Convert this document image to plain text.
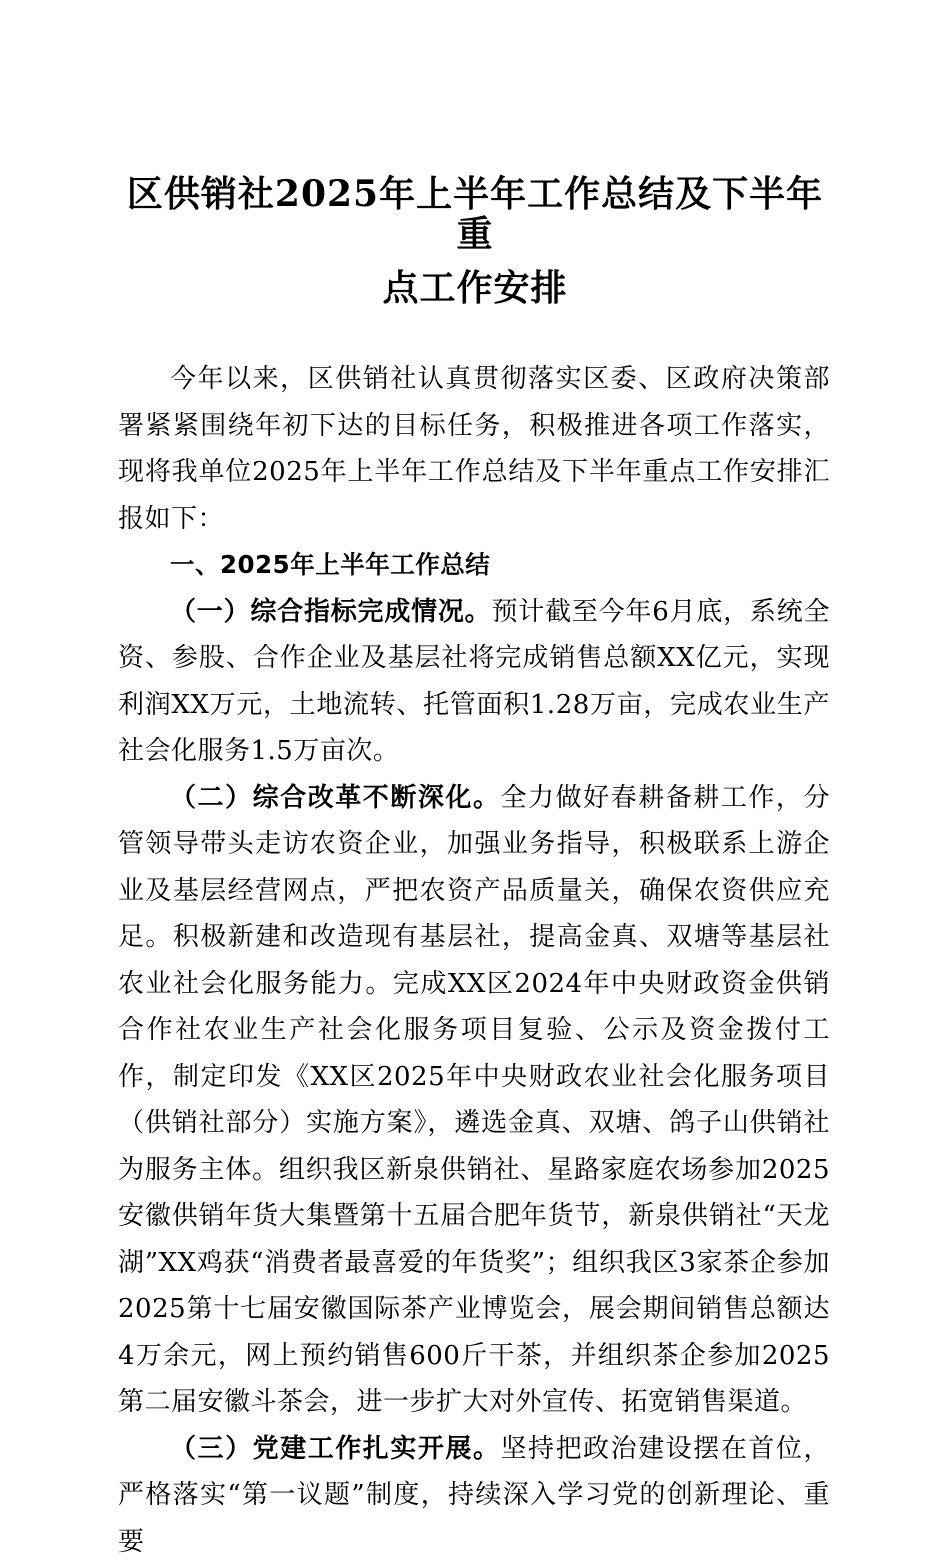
区供销社2025年上半年工作总结及下半年重
点工作安排

今年以来，区供销社认真贯彻落实区委、区政府决策部署紧紧围绕年初下达的目标任务，积极推进各项工作落实，现将我单位2025年上半年工作总结及下半年重点工作安排汇报如下：

一、2025年上半年工作总结

（一）综合指标完成情况。预计截至今年6月底，系统全资、参股、合作企业及基层社将完成销售总额XX亿元，实现利润XX万元，土地流转、托管面积1.28万亩，完成农业生产社会化服务1.5万亩次。

（二）综合改革不断深化。全力做好春耕备耕工作，分管领导带头走访农资企业，加强业务指导，积极联系上游企业及基层经营网点，严把农资产品质量关，确保农资供应充足。积极新建和改造现有基层社，提高金真、双塘等基层社农业社会化服务能力。完成XX区2024年中央财政资金供销合作社农业生产社会化服务项目复验、公示及资金拨付工作，制定印发《XX区2025年中央财政农业社会化服务项目（供销社部分）实施方案》，遴选金真、双塘、鸽子山供销社为服务主体。组织我区新泉供销社、星路家庭农场参加2025安徽供销年货大集暨第十五届合肥年货节，新泉供销社“天龙湖”XX鸡获“消费者最喜爱的年货奖”；组织我区3家茶企参加2025第十七届安徽国际茶产业博览会，展会期间销售总额达4万余元，网上预约销售600斤干茶，并组织茶企参加2025第二届安徽斗茶会，进一步扩大对外宣传、拓宽销售渠道。

（三）党建工作扎实开展。坚持把政治建设摆在首位，严格落实“第一议题”制度，持续深入学习党的创新理论、重要
